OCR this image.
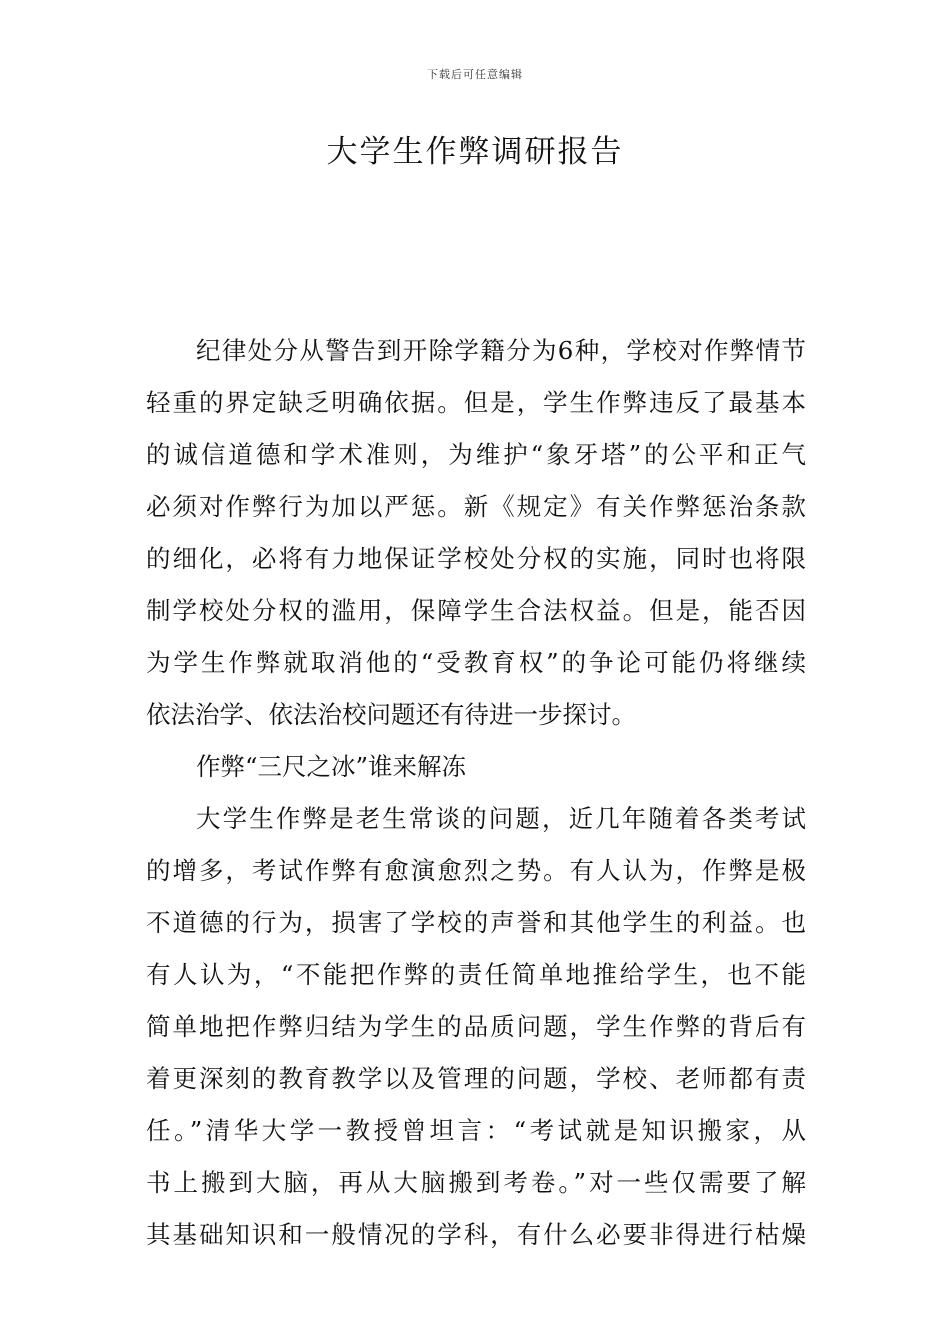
下载后可任意编辑
大学生作弊调研报告
纪律处分从警告到开除学籍分为6种，学校对作弊情节
轻重的界定缺乏明确依据。但是，学生作弊违反了最基本
的诚信道德和学术准则，为维护“象牙塔”的公平和正气
必须对作弊行为加以严惩。新《规定》有关作弊惩治条款
的细化，必将有力地保证学校处分权的实施，同时也将限
制学校处分权的滥用，保障学生合法权益。但是，能否因
为学生作弊就取消他的“受教育权”的争论可能仍将继续
依法治学、依法治校问题还有待进一步探讨。
作弊“三尺之冰”谁来解冻
大学生作弊是老生常谈的问题，近几年随着各类考试
的增多，考试作弊有愈演愈烈之势。有人认为，作弊是极
不道德的行为，损害了学校的声誉和其他学生的利益。也
有人认为，“不能把作弊的责任简单地推给学生，也不能
简单地把作弊归结为学生的品质问题，学生作弊的背后有
着更深刻的教育教学以及管理的问题，学校、老师都有责
任。”清华大学一教授曾坦言：“考试就是知识搬家，从
书上搬到大脑，再从大脑搬到考卷。”对一些仅需要了解
其基础知识和一般情况的学科，有什么必要非得进行枯燥
